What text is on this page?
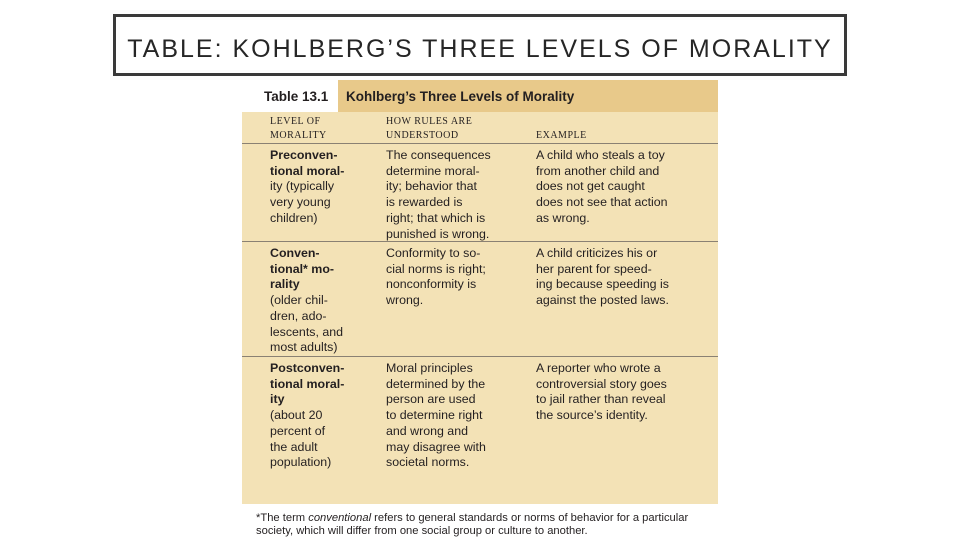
TABLE: KOHLBERG’S THREE LEVELS OF MORALITY
Table 13.1	Kohlberg’s Three Levels of Morality
LEVEL OF
MORALITY
HOW RULES ARE
UNDERSTOOD
	EXAMPLE
Preconven-
tional moral-
ity (typically
very young
children)
The consequences
determine moral-
ity; behavior that
is rewarded is
right; that which is
punished is wrong.
A child who steals a toy
from another child and
does not get caught
does not see that action
as wrong.
Conven-
tional* mo-
rality
(older chil-
dren, ado-
lescents, and
most adults)
Conformity to so-
cial norms is right;
nonconformity is
wrong.
A child criticizes his or
her parent for speed-
ing because speeding is
against the posted laws.
Postconven-
tional moral-
ity
(about 20
percent of
the adult
population)
Moral principles
determined by the
person are used
to determine right
and wrong and
may disagree with
societal norms.
A reporter who wrote a
controversial story goes
to jail rather than reveal
the source’s identity.
*The term conventional refers to general standards or norms of behavior for a particular society, which will differ from one social group or culture to another.
